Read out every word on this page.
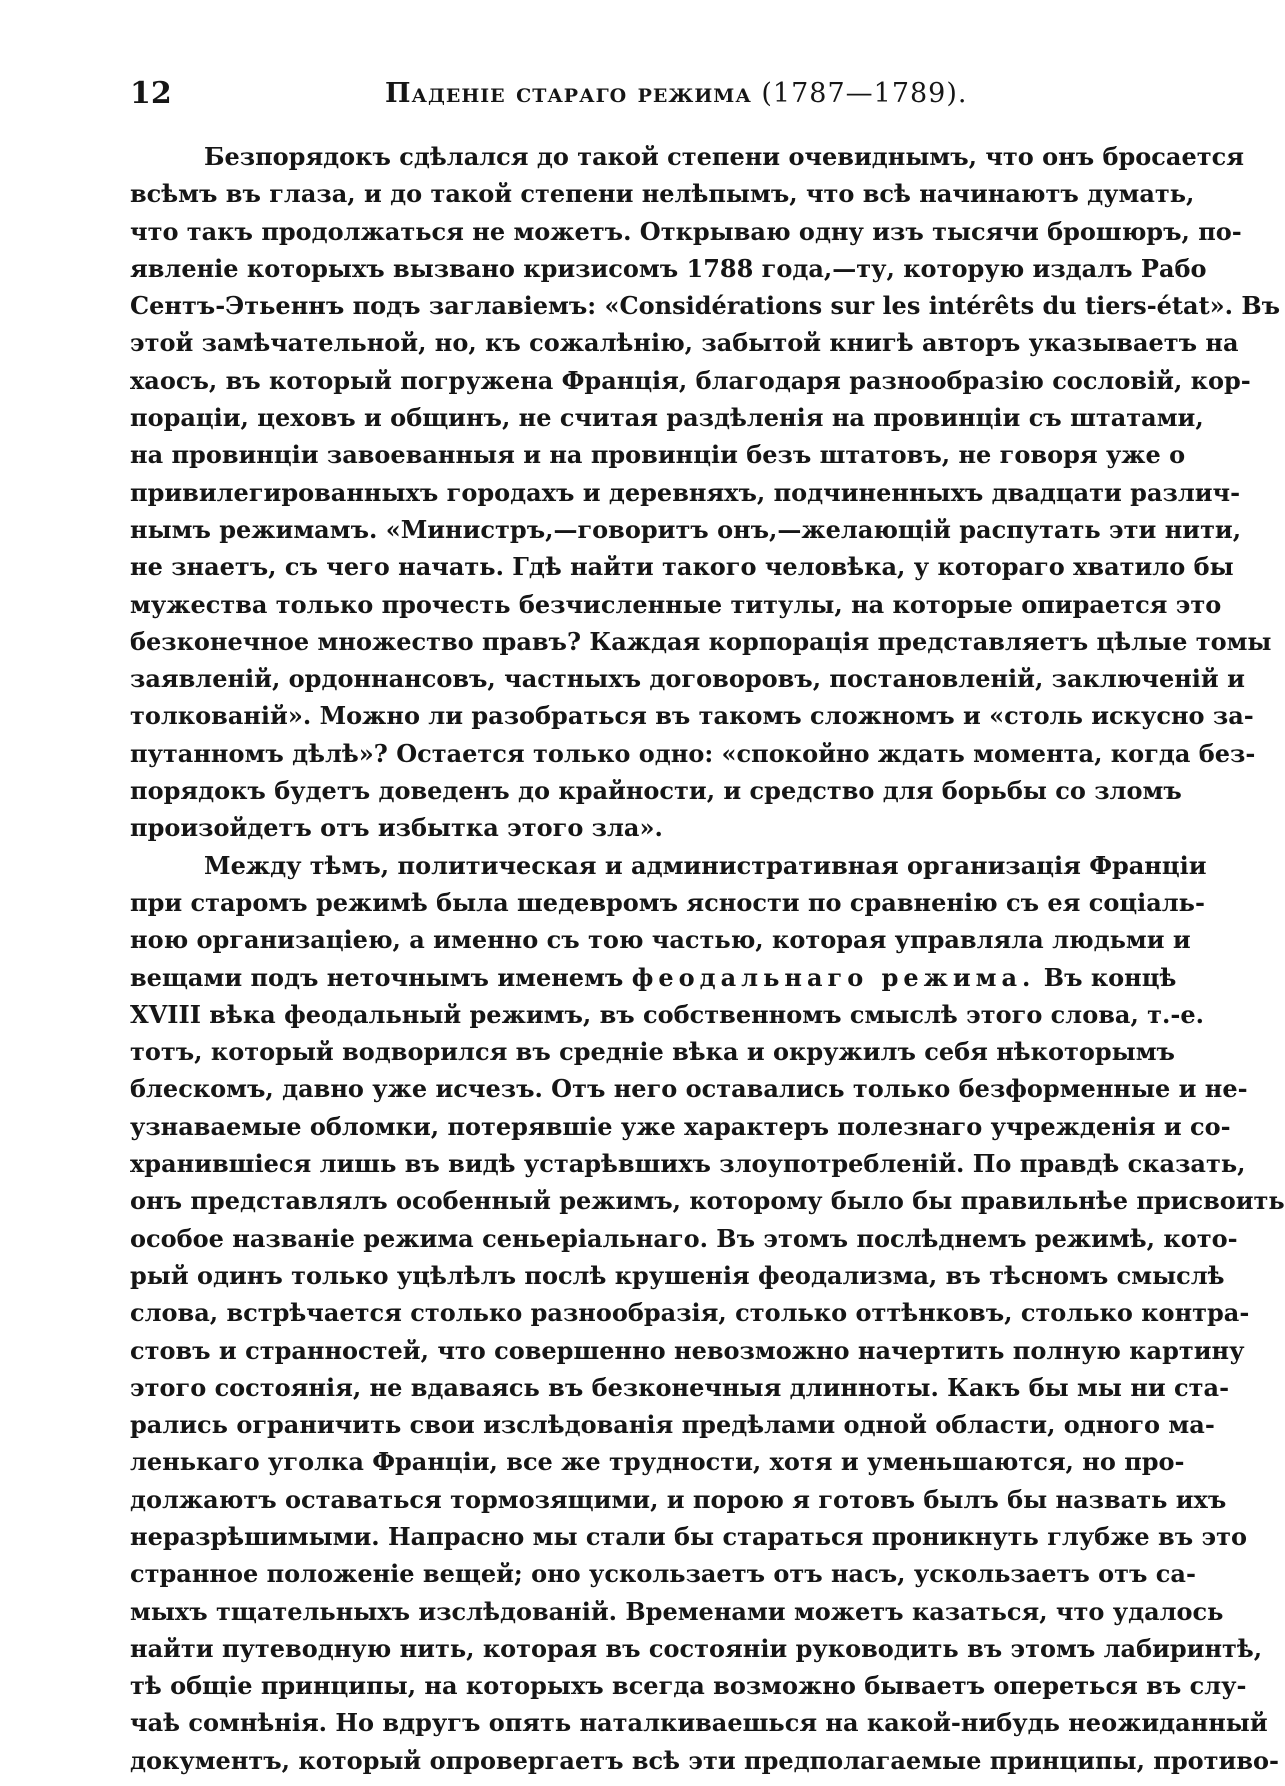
12	Паденіе стараго режима (1787—1789).
Безпорядокъ сдѣлался до такой степени очевиднымъ, что онъ бросается
всѣмъ въ глаза, и до такой степени нелѣпымъ, что всѣ начинаютъ думать,
что такъ продолжаться не можетъ. Открываю одну изъ тысячи брошюръ, по-
явленіе которыхъ вызвано кризисомъ 1788 года,—ту, которую издалъ Рабо
Сентъ-Этьеннъ подъ заглавіемъ: «Considérations sur les intérêts du tiers-état». Въ
этой замѣчательной, но, къ сожалѣнію, забытой книгѣ авторъ указываетъ на
хаосъ, въ который погружена Франція, благодаря разнообразію сословій, кор-
пораціи, цеховъ и общинъ, не считая раздѣленія на провинціи съ штатами,
на провинціи завоеванныя и на провинціи безъ штатовъ, не говоря уже о
привилегированныхъ городахъ и деревняхъ, подчиненныхъ двадцати различ-
нымъ режимамъ. «Министръ,—говоритъ онъ,—желающій распутать эти нити,
не знаетъ, съ чего начать. Гдѣ найти такого человѣка, у котораго хватило бы
мужества только прочесть безчисленные титулы, на которые опирается это
безконечное множество правъ? Каждая корпорація представляетъ цѣлые томы
заявленій, ордоннансовъ, частныхъ договоровъ, постановленій, заключеній и
толкованій». Можно ли разобраться въ такомъ сложномъ и «столь искусно за-
путанномъ дѣлѣ»? Остается только одно: «спокойно ждать момента, когда без-
порядокъ будетъ доведенъ до крайности, и средство для борьбы со зломъ
произойдетъ отъ избытка этого зла».
Между тѣмъ, политическая и административная организація Франціи
при старомъ режимѣ была шедевромъ ясности по сравненію съ ея соціаль-
ною организаціею, а именно съ тою частью, которая управляла людьми и
вещами подъ неточнымъ именемъ феодальнаго режима. Въ концѣ
XVIII вѣка феодальный режимъ, въ собственномъ смыслѣ этого слова, т.-е.
тотъ, который водворился въ средніе вѣка и окружилъ себя нѣкоторымъ
блескомъ, давно уже исчезъ. Отъ него оставались только безформенные и не-
узнаваемые обломки, потерявшіе уже характеръ полезнаго учрежденія и со-
хранившіеся лишь въ видѣ устарѣвшихъ злоупотребленій. По правдѣ сказать,
онъ представлялъ особенный режимъ, которому было бы правильнѣе присвоить
особое названіе режима сеньеріальнаго. Въ этомъ послѣднемъ режимѣ, кото-
рый одинъ только уцѣлѣлъ послѣ крушенія феодализма, въ тѣсномъ смыслѣ
слова, встрѣчается столько разнообразія, столько оттѣнковъ, столько контра-
стовъ и странностей, что совершенно невозможно начертить полную картину
этого состоянія, не вдаваясь въ безконечныя длинноты. Какъ бы мы ни ста-
рались ограничить свои изслѣдованія предѣлами одной области, одного ма-
ленькаго уголка Франціи, все же трудности, хотя и уменьшаются, но про-
должаютъ оставаться тормозящими, и порою я готовъ былъ бы назвать ихъ
неразрѣшимыми. Напрасно мы стали бы стараться проникнуть глубже въ это
странное положеніе вещей; оно ускользаетъ отъ насъ, ускользаетъ отъ са-
мыхъ тщательныхъ изслѣдованій. Временами можетъ казаться, что удалось
найти путеводную нить, которая въ состояніи руководить въ этомъ лабиринтѣ,
тѣ общіе принципы, на которыхъ всегда возможно бываетъ опереться въ слу-
чаѣ сомнѣнія. Но вдругъ опять наталкиваешься на какой-нибудь неожиданный
документъ, который опровергаетъ всѣ эти предполагаемые принципы, противо-
